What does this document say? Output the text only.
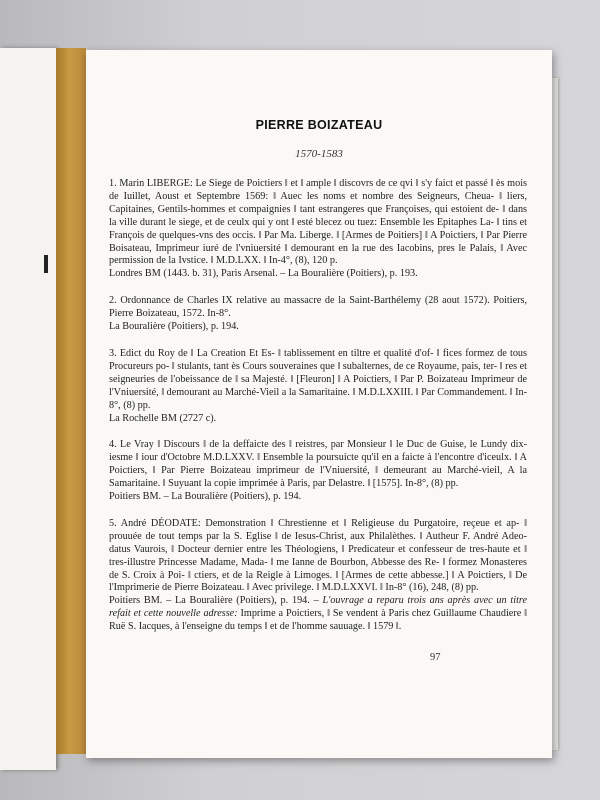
PIERRE BOIZATEAU
1570-1583
1. Marin LIBERGE: Le Siege de Poictiers ‖ et ‖ ample ‖ discovrs de ce qvi ‖ s'y faict et passé ‖ ès mois de Iuillet, Aoust et Septembre 1569: ‖ Auec les noms et nombre des Seigneurs, Cheua- ‖ liers, Capitaines, Gentils-hommes et compaignies ‖ tant estrangeres que Françoises, qui estoient de- ‖ dans la ville durant le siege, et de ceulx qui y ont ‖ esté blecez ou tuez: Ensemble les Epitaphes La- ‖ tins et François de quelques-vns des occis. ‖ Par Ma. Liberge. ‖ [Armes de Poitiers] ‖ A Poictiers, ‖ Par Pierre Boisateau, Imprimeur iuré de l'vniuersité ‖ demourant en la rue des Iacobins, pres le Palais, ‖ Avec permission de la Ivstice. ‖ M.D.LXX. ‖ In-4°, (8), 120 p.
Londres BM (1443. b. 31), Paris Arsenal. – La Bouralière (Poitiers), p. 193.
2. Ordonnance de Charles IX relative au massacre de la Saint-Barthélemy (28 aout 1572). Poitiers, Pierre Boizateau, 1572. In-8°.
La Bouralière (Poitiers), p. 194.
3. Edict du Roy de ‖ La Creation Et Es- ‖ tablissement en tiltre et qualité d'of- ‖ fices formez de tous Procureurs po- ‖ stulants, tant ès Cours souveraines que ‖ subalternes, de ce Royaume, pais, ter- ‖ res et seigneuries de l'obeissance de ‖ sa Majesté. ‖ [Fleuron] ‖ A Poictiers, ‖ Par P. Boizateau Imprimeur de l'Vniuersité, ‖ demourant au Marché-Vieil a la Samaritaine. ‖ M.D.LXXIII. ‖ Par Commandement. ‖ In-8°, (8) pp.
La Rochelle BM (2727 c).
4. Le Vray ‖ Discours ‖ de la deffaicte des ‖ reistres, par Monsieur ‖ le Duc de Guise, le Lundy dix-iesme ‖ iour d'Octobre M.D.LXXV. ‖ Ensemble la poursuicte qu'il en a faicte à l'encontre d'iceulx. ‖ A Poictiers, ‖ Par Pierre Boizateau imprimeur de l'Vniuersité, ‖ demeurant au Marché-vieil, A la Samaritaine. ‖ Suyuant la copie imprimée à Paris, par Delastre. ‖ [1575]. In-8°, (8) pp.
Poitiers BM. – La Bouralière (Poitiers), p. 194.
5. André DÉODATE: Demonstration ‖ Chrestienne et ‖ Religieuse du Purgatoire, reçeue et ap- ‖ prouuée de tout temps par la S. Eglise ‖ de Iesus-Christ, aux Philalèthes. ‖ Autheur F. André Adeo-datus Vaurois, ‖ Docteur dernier entre les Théologiens, ‖ Predicateur et confesseur de tres-haute et ‖ tres-illustre Princesse Madame, Mada- ‖ me Ianne de Bourbon, Abbesse des Re- ‖ formez Monasteres de S. Croix à Poi- ‖ ctiers, et de la Reigle à Limoges. ‖ [Armes de cette abbesse.] ‖ A Poictiers, ‖ De l'Imprimerie de Pierre Boizateau. ‖ Avec privilege. ‖ M.D.LXXVI. ‖ In-8° (16), 248, (8) pp.
Poitiers BM. – La Bouralière (Poitiers), p. 194. – L'ouvrage a reparu trois ans après avec un titre refait et cette nouvelle adresse: Imprime a Poictiers, ‖ Se vendent à Paris chez Guillaume Chaudiere ‖ Ruë S. Iacques, à l'enseigne du temps ‖ et de l'homme sauuage. ‖ 1579 ‖.
97
